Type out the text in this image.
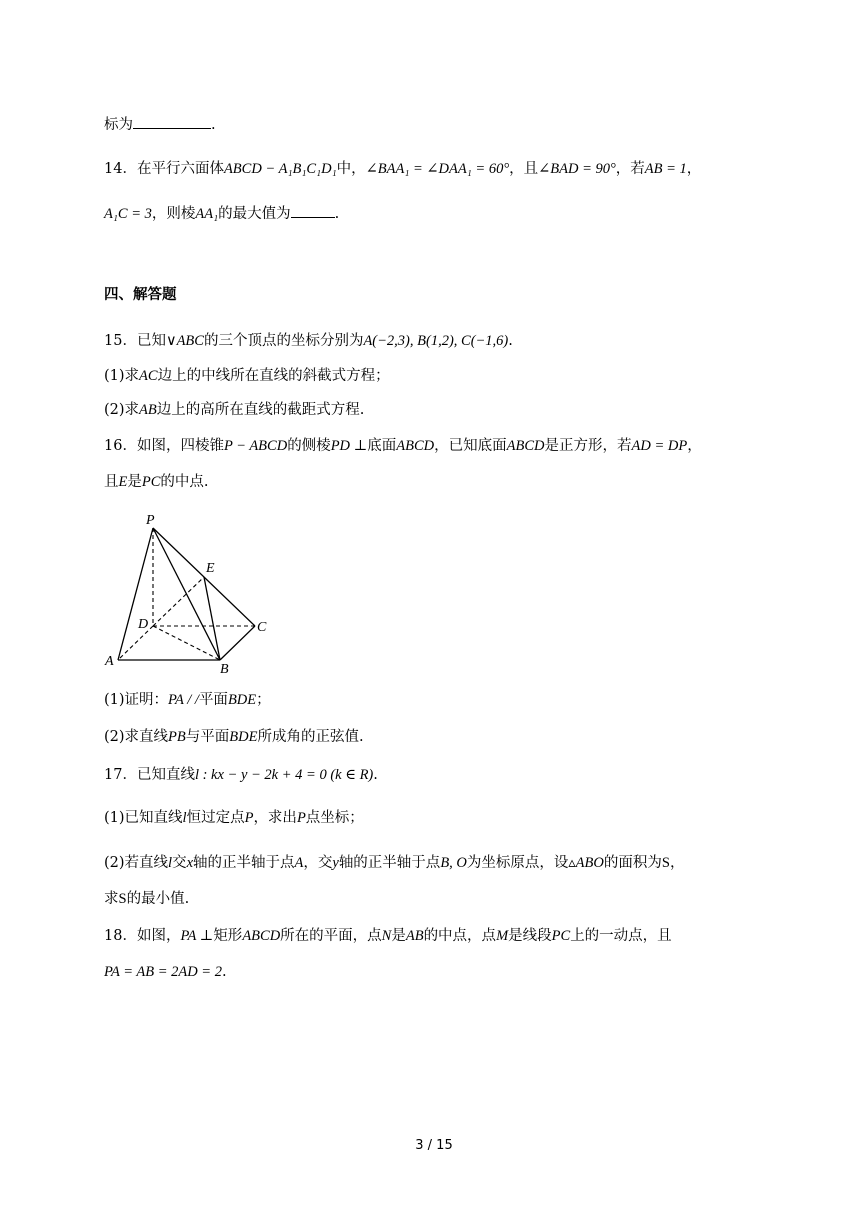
标为	.
14．在平行六面体ABCD − A₁B₁C₁D₁中，∠BAA₁ = ∠DAA₁ = 60°，且∠BAD = 90°，若AB = 1，
A₁C = 3，则棱AA₁的最大值为	.
四、解答题
15．已知∨ABC的三个顶点的坐标分别为A(−2,3), B(1,2), C(−1,6).
(1)求AC边上的中线所在直线的斜截式方程；
(2)求AB边上的高所在直线的截距式方程.
16．如图，四棱锥P − ABCD的侧棱PD ⊥底面ABCD，已知底面ABCD是正方形，若AD = DP，
且E是PC的中点.
P
E
D	C
A
B
(1)证明：PA / /平面BDE；
(2)求直线PB与平面BDE所成角的正弦值.
17．已知直线l : kx − y − 2k + 4 = 0 (k ∈ R).
(1)已知直线l恒过定点P，求出P点坐标；
(2)若直线l交x轴的正半轴于点A，交y轴的正半轴于点B, O为坐标原点，设▵ABO的面积为S，
求S的最小值.
18．如图，PA ⊥矩形ABCD所在的平面，点N是AB的中点，点M是线段PC上的一动点，且
PA = AB = 2AD = 2.
3 / 15
